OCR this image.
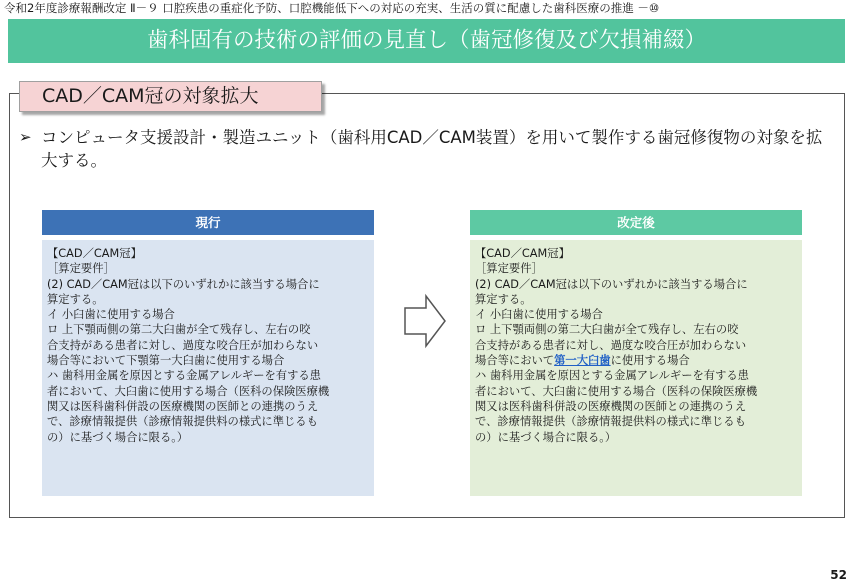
令和2年度診療報酬改定 Ⅱ－９ 口腔疾患の重症化予防、口腔機能低下への対応の充実、生活の質に配慮した歯科医療の推進 －⑩
歯科固有の技術の評価の見直し（歯冠修復及び欠損補綴）
CAD／CAM冠の対象拡大
➢ コンピュータ支援設計・製造ユニット（歯科用CAD／CAM装置）を用いて製作する歯冠修復物の対象を拡大する。
現行
【CAD／CAM冠】
［算定要件］
(2) CAD／CAM冠は以下のいずれかに該当する場合に
算定する。
イ 小臼歯に使用する場合
ロ 上下顎両側の第二大臼歯が全て残存し、左右の咬
合支持がある患者に対し、過度な咬合圧が加わらない
場合等において下顎第一大臼歯に使用する場合
ハ 歯科用金属を原因とする金属アレルギーを有する患
者において、大臼歯に使用する場合（医科の保険医療機
関又は医科歯科併設の医療機関の医師との連携のうえ
で、診療情報提供（診療情報提供料の様式に準じるも
の）に基づく場合に限る。）
改定後
【CAD／CAM冠】
［算定要件］
(2) CAD／CAM冠は以下のいずれかに該当する場合に
算定する。
イ 小臼歯に使用する場合
ロ 上下顎両側の第二大臼歯が全て残存し、左右の咬
合支持がある患者に対し、過度な咬合圧が加わらない
場合等において第一大臼歯に使用する場合
ハ 歯科用金属を原因とする金属アレルギーを有する患
者において、大臼歯に使用する場合（医科の保険医療機
関又は医科歯科併設の医療機関の医師との連携のうえ
で、診療情報提供（診療情報提供料の様式に準じるも
の）に基づく場合に限る。）
52
